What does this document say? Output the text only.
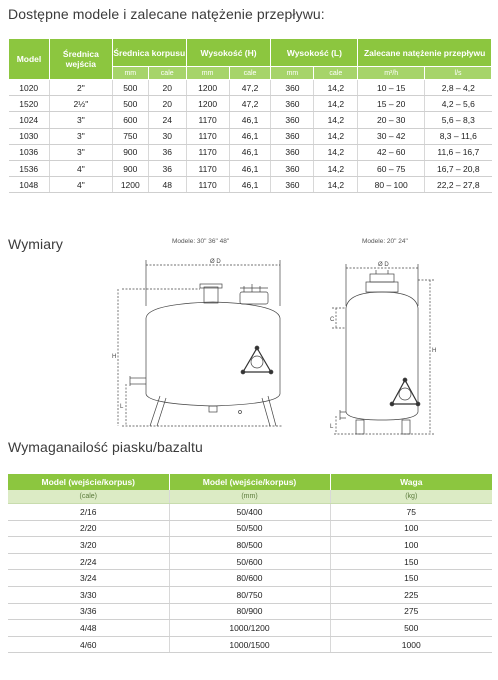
Dostępne modele i zalecane natężenie przepływu:
Model	Średnica wejścia	Średnica korpusu		Wysokość (H)		Wysokość (L)		Zalecane natężenie przepływu	
		mm	cale	mm	cale	mm	cale	m³/h	l/s
1020	2"	500	20	1200	47,2	360	14,2	10 – 15	2,8 – 4,2
1520	2½"	500	20	1200	47,2	360	14,2	15 – 20	4,2 – 5,6
1024	3"	600	24	1170	46,1	360	14,2	20 – 30	5,6 – 8,3
1030	3"	750	30	1170	46,1	360	14,2	30 – 42	8,3 – 11,6
1036	3"	900	36	1170	46,1	360	14,2	42 – 60	11,6 – 16,7
1536	4"	900	36	1170	46,1	360	14,2	60 – 75	16,7 – 20,8
1048	4"	1200	48	1170	46,1	360	14,2	80 – 100	22,2 – 27,8
Wymiary	Modele: 30" 36" 48"	Modele: 20" 24"
Ø D	Ø D
H
L
H
L
C
Wymaganailość piasku/bazaltu
Model (wejście/korpus)	Model (wejście/korpus)	Waga
(cale)	(mm)	(kg)
2/16	50/400	75
2/20	50/500	100
3/20	80/500	100
2/24	50/600	150
3/24	80/600	150
3/30	80/750	225
3/36	80/900	275
4/48	1000/1200	500
4/60	1000/1500	1000
